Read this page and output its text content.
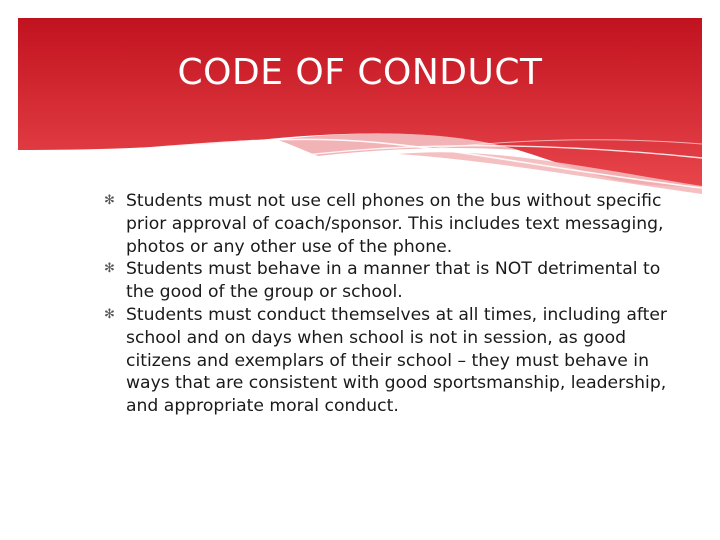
CODE OF CONDUCT
✻ Students must not use cell phones on the bus without specific prior approval of coach/sponsor. This includes text messaging, photos or any other use of the phone.
✻ Students must behave in a manner that is NOT detrimental to the good of the group or school.
✻ Students must conduct themselves at all times, including after school and on days when school is not in session, as good citizens and exemplars of their school – they must behave in ways that are consistent with good sportsmanship, leadership, and appropriate moral conduct.
